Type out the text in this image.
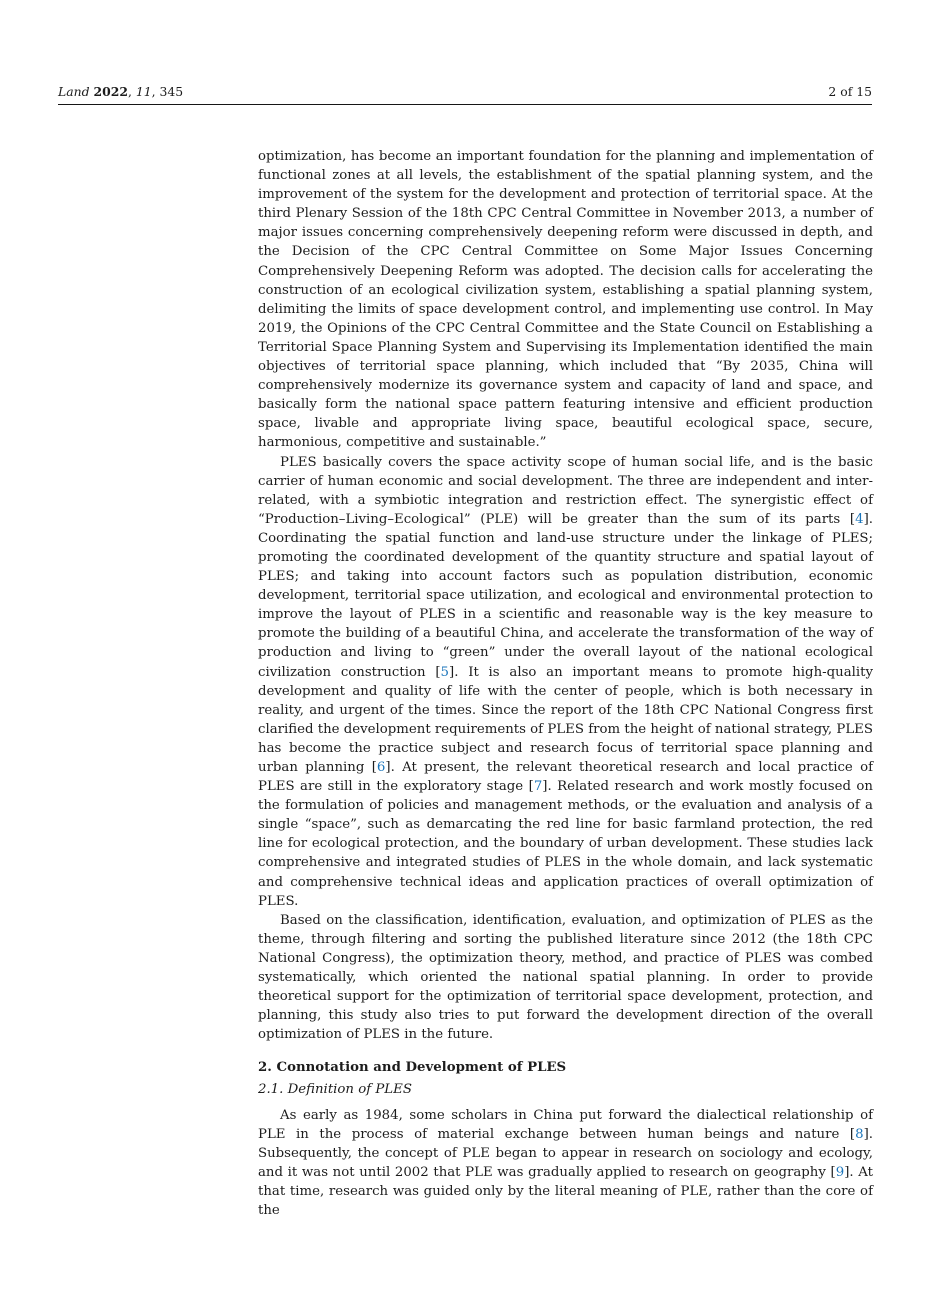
Land 2022, 11, 345	2 of 15

optimization, has become an important foundation for the planning and implementation of functional zones at all levels, the establishment of the spatial planning system, and the improvement of the system for the development and protection of territorial space. At the third Plenary Session of the 18th CPC Central Committee in November 2013, a number of major issues concerning comprehensively deepening reform were discussed in depth, and the Decision of the CPC Central Committee on Some Major Issues Concerning Comprehensively Deepening Reform was adopted. The decision calls for accelerating the construction of an ecological civilization system, establishing a spatial planning system, delimiting the limits of space development control, and implementing use control. In May 2019, the Opinions of the CPC Central Committee and the State Council on Establishing a Territorial Space Planning System and Supervising its Implementation identified the main objectives of territorial space planning, which included that “By 2035, China will comprehensively modernize its governance system and capacity of land and space, and basically form the national space pattern featuring intensive and efficient production space, livable and appropriate living space, beautiful ecological space, secure, harmonious, competitive and sustainable.”

PLES basically covers the space activity scope of human social life, and is the basic carrier of human economic and social development. The three are independent and inter-related, with a symbiotic integration and restriction effect. The synergistic effect of “Production–Living–Ecological” (PLE) will be greater than the sum of its parts [4]. Coordinating the spatial function and land-use structure under the linkage of PLES; promoting the coordinated development of the quantity structure and spatial layout of PLES; and taking into account factors such as population distribution, economic development, territorial space utilization, and ecological and environmental protection to improve the layout of PLES in a scientific and reasonable way is the key measure to promote the building of a beautiful China, and accelerate the transformation of the way of production and living to “green” under the overall layout of the national ecological civilization construction [5]. It is also an important means to promote high-quality development and quality of life with the center of people, which is both necessary in reality, and urgent of the times. Since the report of the 18th CPC National Congress first clarified the development requirements of PLES from the height of national strategy, PLES has become the practice subject and research focus of territorial space planning and urban planning [6]. At present, the relevant theoretical research and local practice of PLES are still in the exploratory stage [7]. Related research and work mostly focused on the formulation of policies and management methods, or the evaluation and analysis of a single “space”, such as demarcating the red line for basic farmland protection, the red line for ecological protection, and the boundary of urban development. These studies lack comprehensive and integrated studies of PLES in the whole domain, and lack systematic and comprehensive technical ideas and application practices of overall optimization of PLES.

Based on the classification, identification, evaluation, and optimization of PLES as the theme, through filtering and sorting the published literature since 2012 (the 18th CPC National Congress), the optimization theory, method, and practice of PLES was combed systematically, which oriented the national spatial planning. In order to provide theoretical support for the optimization of territorial space development, protection, and planning, this study also tries to put forward the development direction of the overall optimization of PLES in the future.

2. Connotation and Development of PLES
2.1. Definition of PLES

As early as 1984, some scholars in China put forward the dialectical relationship of PLE in the process of material exchange between human beings and nature [8]. Subsequently, the concept of PLE began to appear in research on sociology and ecology, and it was not until 2002 that PLE was gradually applied to research on geography [9]. At that time, research was guided only by the literal meaning of PLE, rather than the core of the
